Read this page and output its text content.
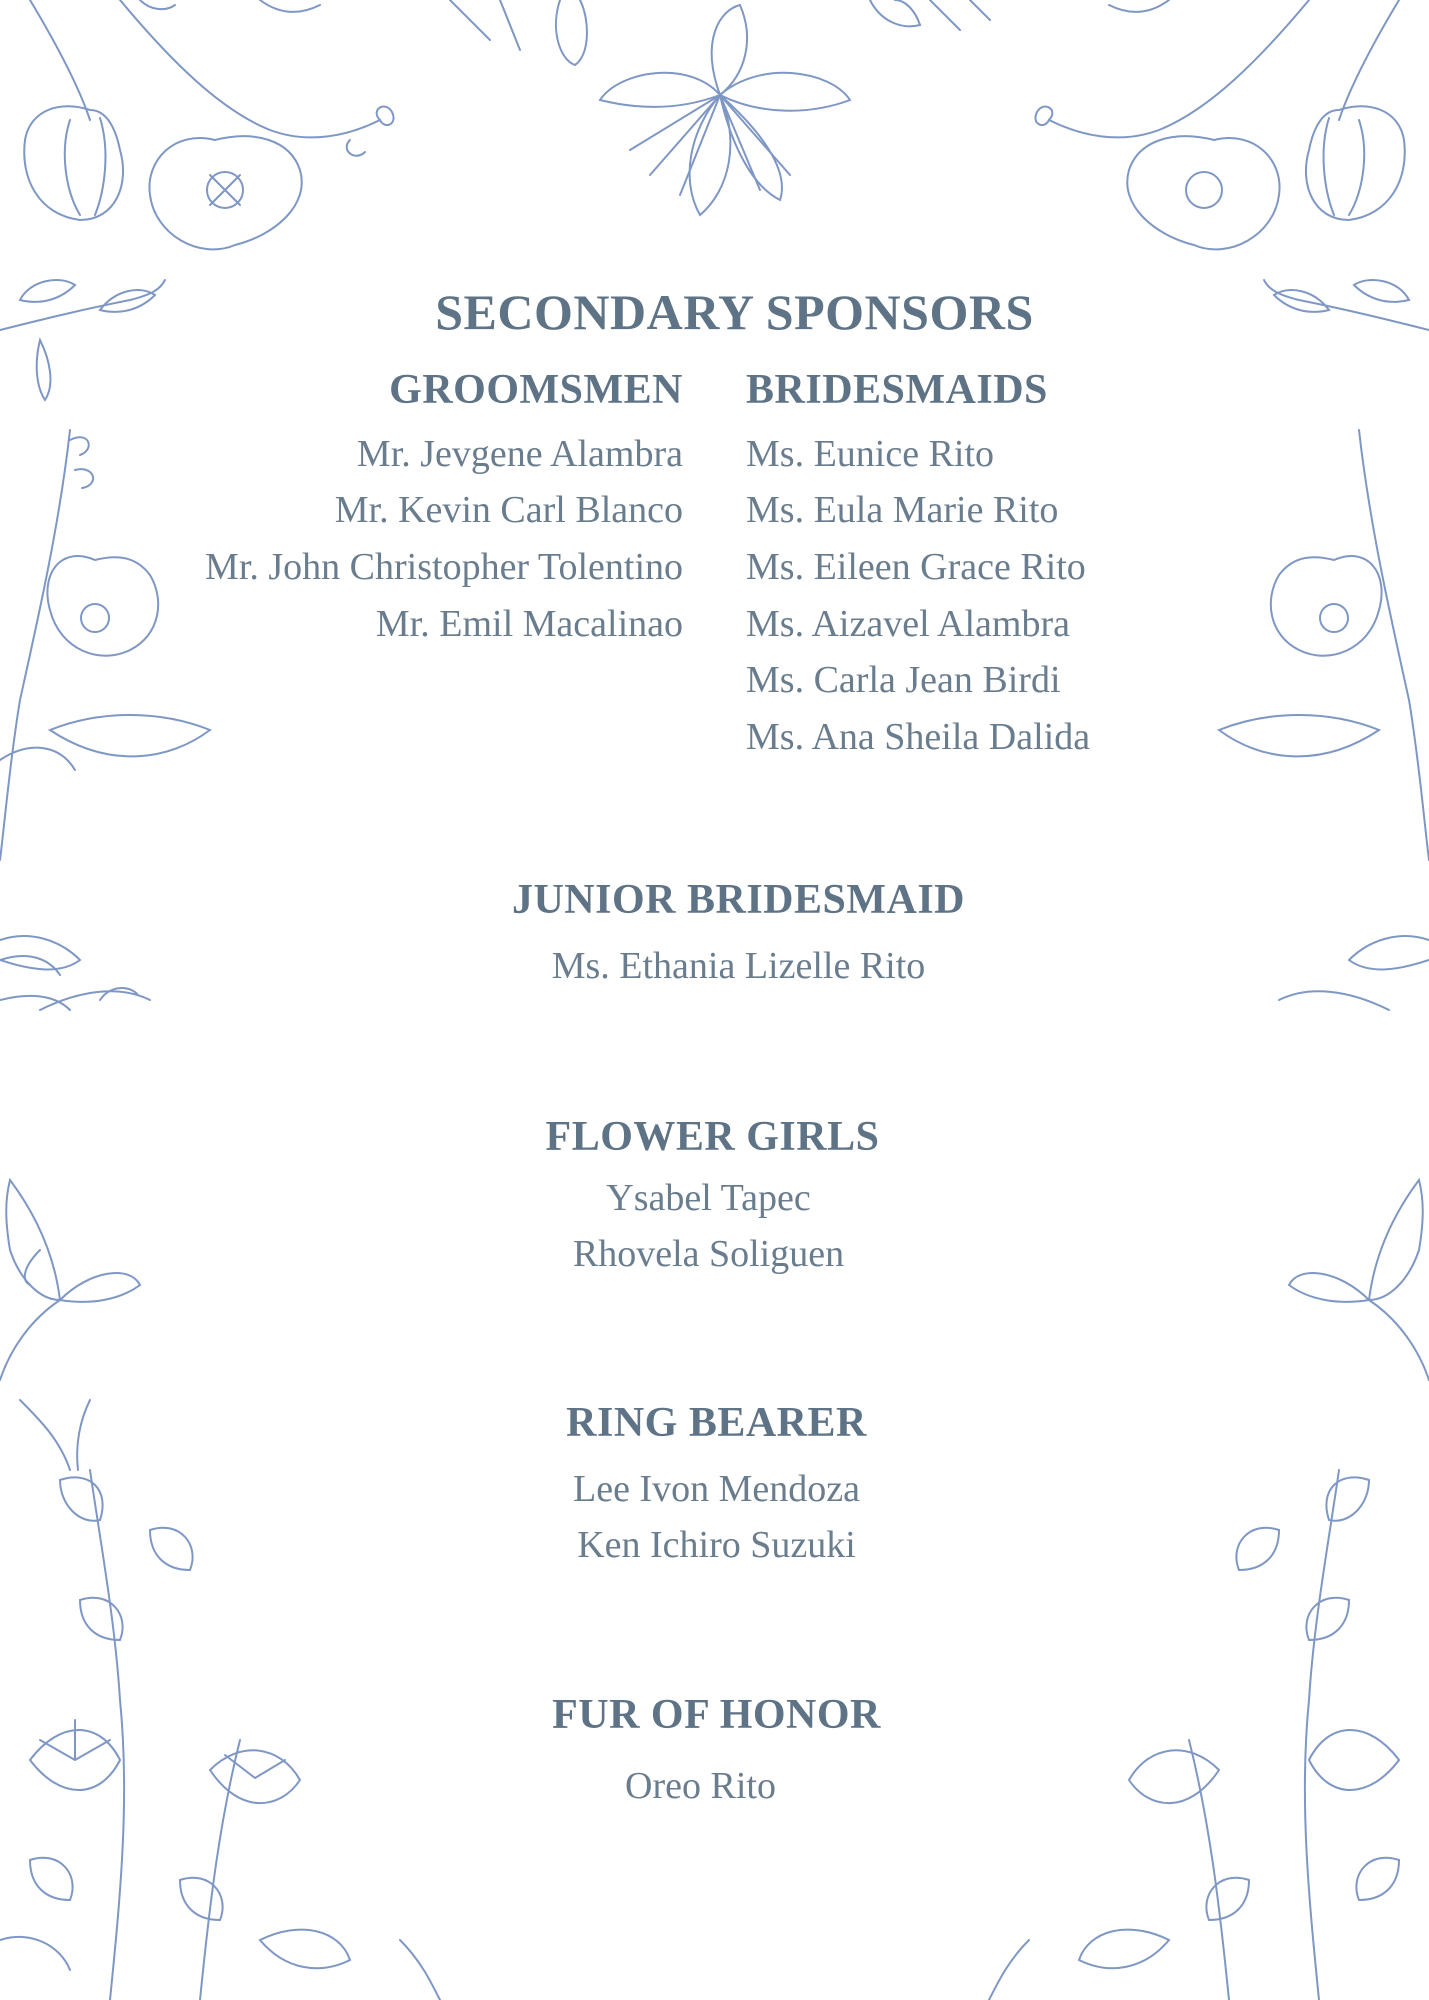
SECONDARY SPONSORS
GROOMSMEN
Mr. Jevgene Alambra
Mr. Kevin Carl Blanco
Mr. John Christopher Tolentino
Mr. Emil Macalinao
BRIDESMAIDS
Ms. Eunice Rito
Ms. Eula Marie Rito
Ms. Eileen Grace Rito
Ms. Aizavel Alambra
Ms. Carla Jean Birdi
Ms. Ana Sheila Dalida
JUNIOR BRIDESMAID
Ms. Ethania Lizelle Rito
FLOWER GIRLS
Ysabel Tapec
Rhovela Soliguen
RING BEARER
Lee Ivon Mendoza
Ken Ichiro Suzuki
FUR OF HONOR
Oreo Rito
